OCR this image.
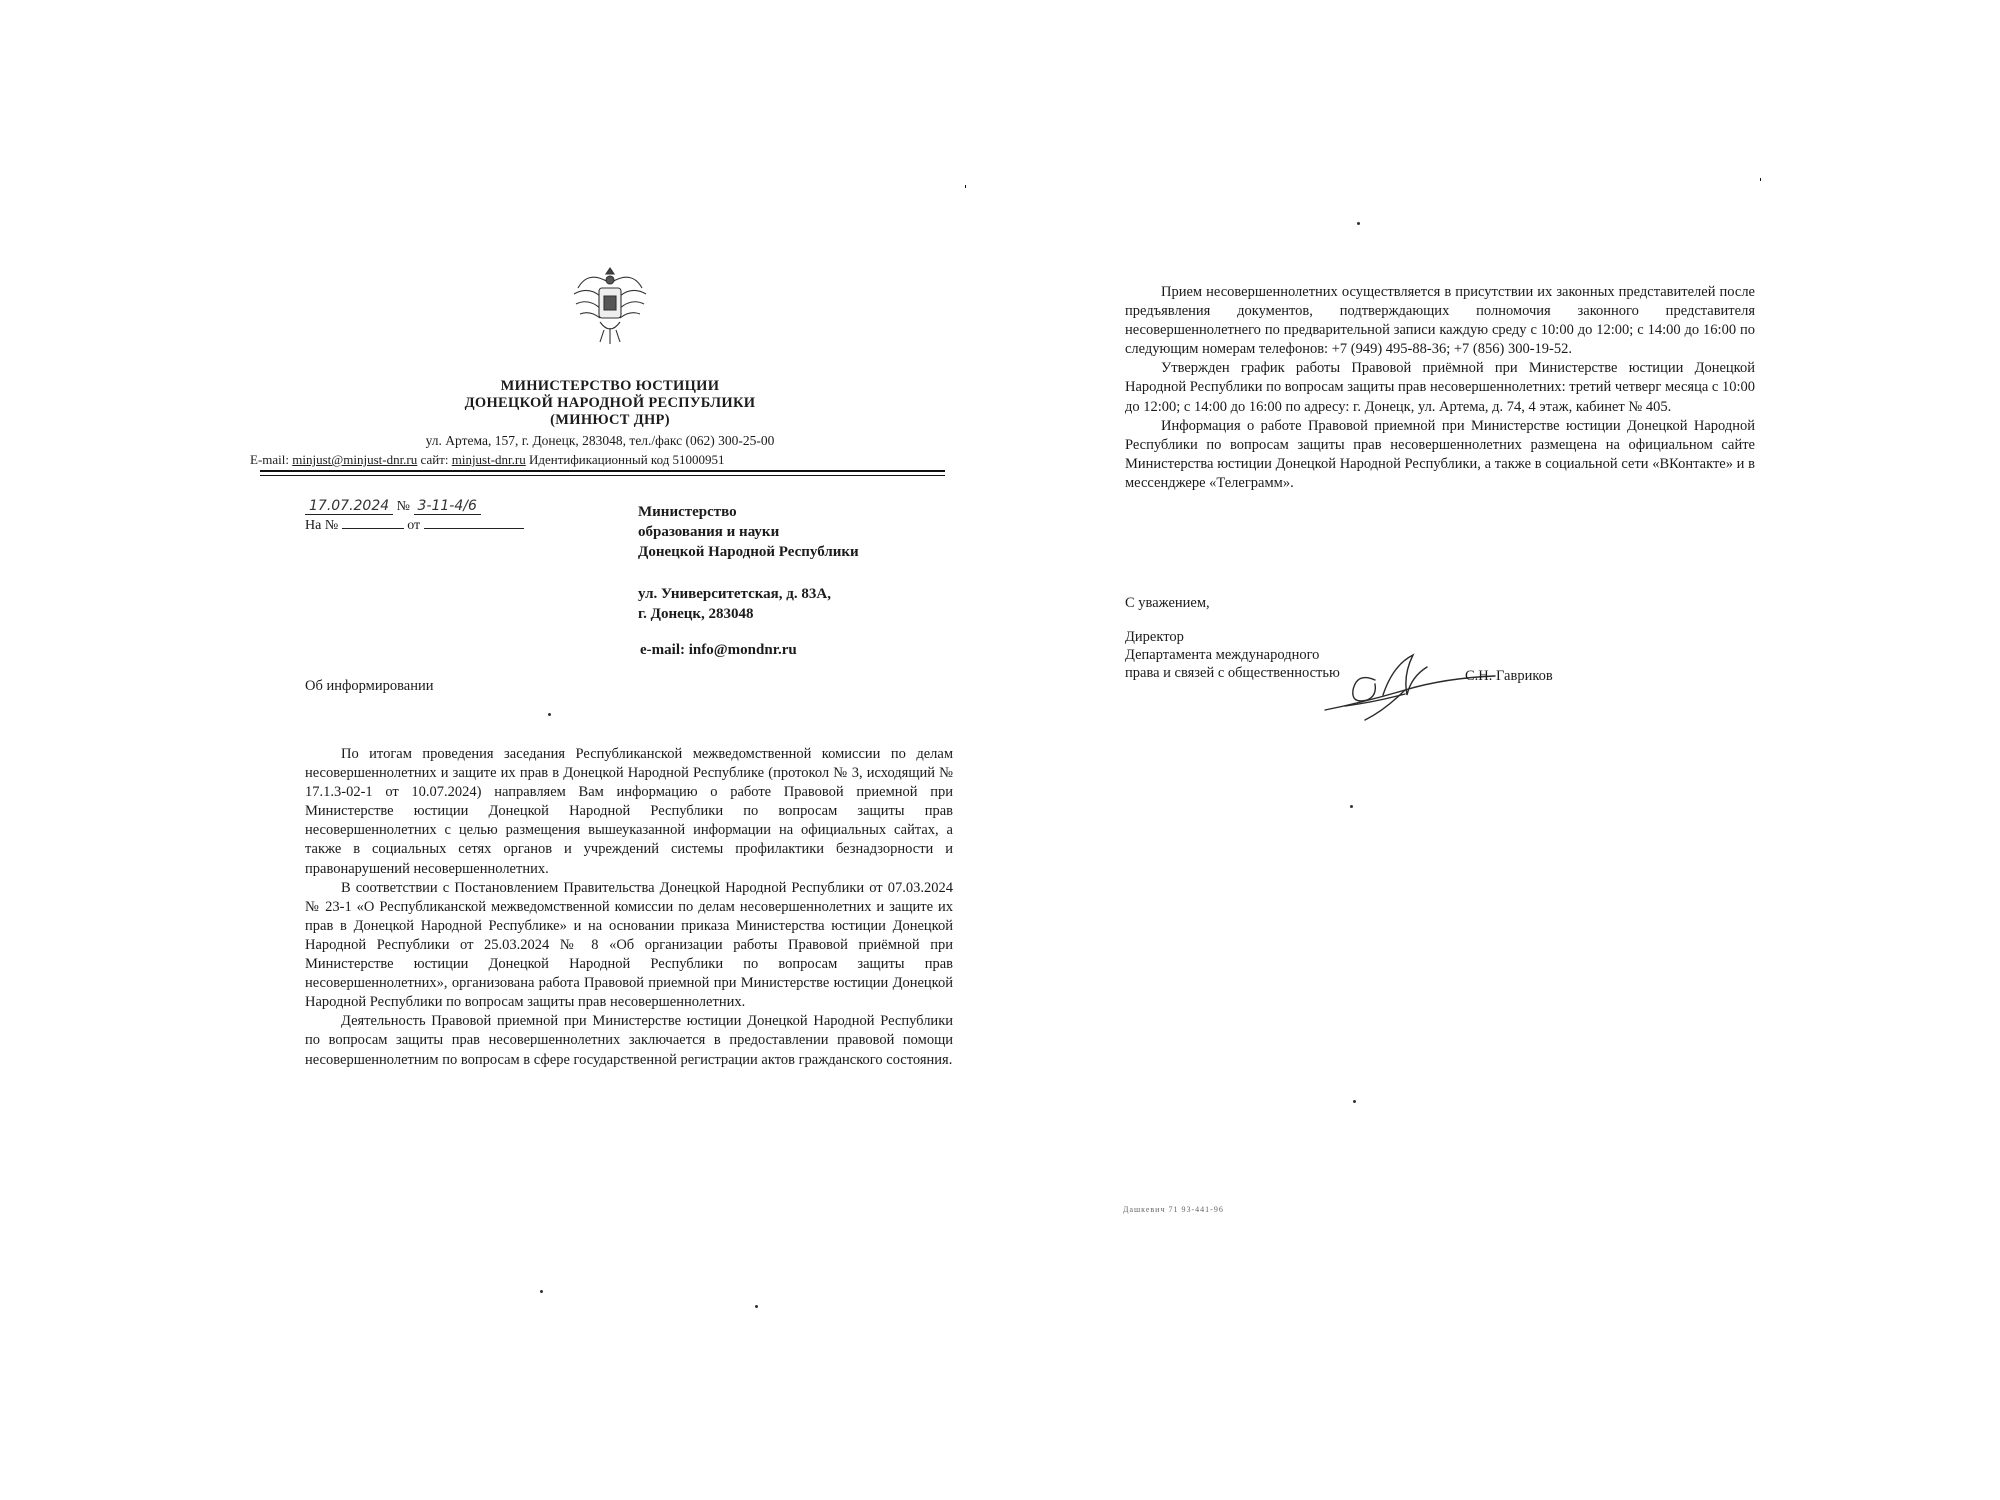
МИНИСТЕРСТВО ЮСТИЦИИ
ДОНЕЦКОЙ НАРОДНОЙ РЕСПУБЛИКИ
(МИНЮСТ ДНР)
ул. Артема, 157, г. Донецк, 283048, тел./факс (062) 300-25-00
E-mail: minjust@minjust-dnr.ru сайт: minjust-dnr.ru Идентификационный код 51000951
17.07.2024 № 3-11-4/6
На №	от
Министерство
образования и науки
Донецкой Народной Республики
ул. Университетская, д. 83А,
г. Донецк, 283048
e-mail: info@mondnr.ru
Об информировании

По итогам проведения заседания Республиканской межведомственной комиссии по делам несовершеннолетних и защите их прав в Донецкой Народной Республике (протокол № 3, исходящий № 17.1.3-02-1 от 10.07.2024) направляем Вам информацию о работе Правовой приемной при Министерстве юстиции Донецкой Народной Республики по вопросам защиты прав несовершеннолетних с целью размещения вышеуказанной информации на официальных сайтах, а также в социальных сетях органов и учреждений системы профилактики безнадзорности и правонарушений несовершеннолетних.

В соответствии с Постановлением Правительства Донецкой Народной Республики от 07.03.2024 № 23-1 «О Республиканской межведомственной комиссии по делам несовершеннолетних и защите их прав в Донецкой Народной Республике» и на основании приказа Министерства юстиции Донецкой Народной Республики от 25.03.2024 № 8 «Об организации работы Правовой приёмной при Министерстве юстиции Донецкой Народной Республики по вопросам защиты прав несовершеннолетних», организована работа Правовой приемной при Министерстве юстиции Донецкой Народной Республики по вопросам защиты прав несовершеннолетних.

Деятельность Правовой приемной при Министерстве юстиции Донецкой Народной Республики по вопросам защиты прав несовершеннолетних заключается в предоставлении правовой помощи несовершеннолетним по вопросам в сфере государственной регистрации актов гражданского состояния.

Прием несовершеннолетних осуществляется в присутствии их законных представителей после предъявления документов, подтверждающих полномочия законного представителя несовершеннолетнего по предварительной записи каждую среду с 10:00 до 12:00; с 14:00 до 16:00 по следующим номерам телефонов: +7 (949) 495-88-36; +7 (856) 300-19-52.

Утвержден график работы Правовой приёмной при Министерстве юстиции Донецкой Народной Республики по вопросам защиты прав несовершеннолетних: третий четверг месяца с 10:00 до 12:00; с 14:00 до 16:00 по адресу: г. Донецк, ул. Артема, д. 74, 4 этаж, кабинет № 405.

Информация о работе Правовой приемной при Министерстве юстиции Донецкой Народной Республики по вопросам защиты прав несовершеннолетних размещена на официальном сайте Министерства юстиции Донецкой Народной Республики, а также в социальной сети «ВКонтакте» и в мессенджере «Телеграмм».

С уважением,
Директор
Департамента международного
права и связей с общественностью	С.Н. Гавриков
Дашкевич 71 93-441-96
